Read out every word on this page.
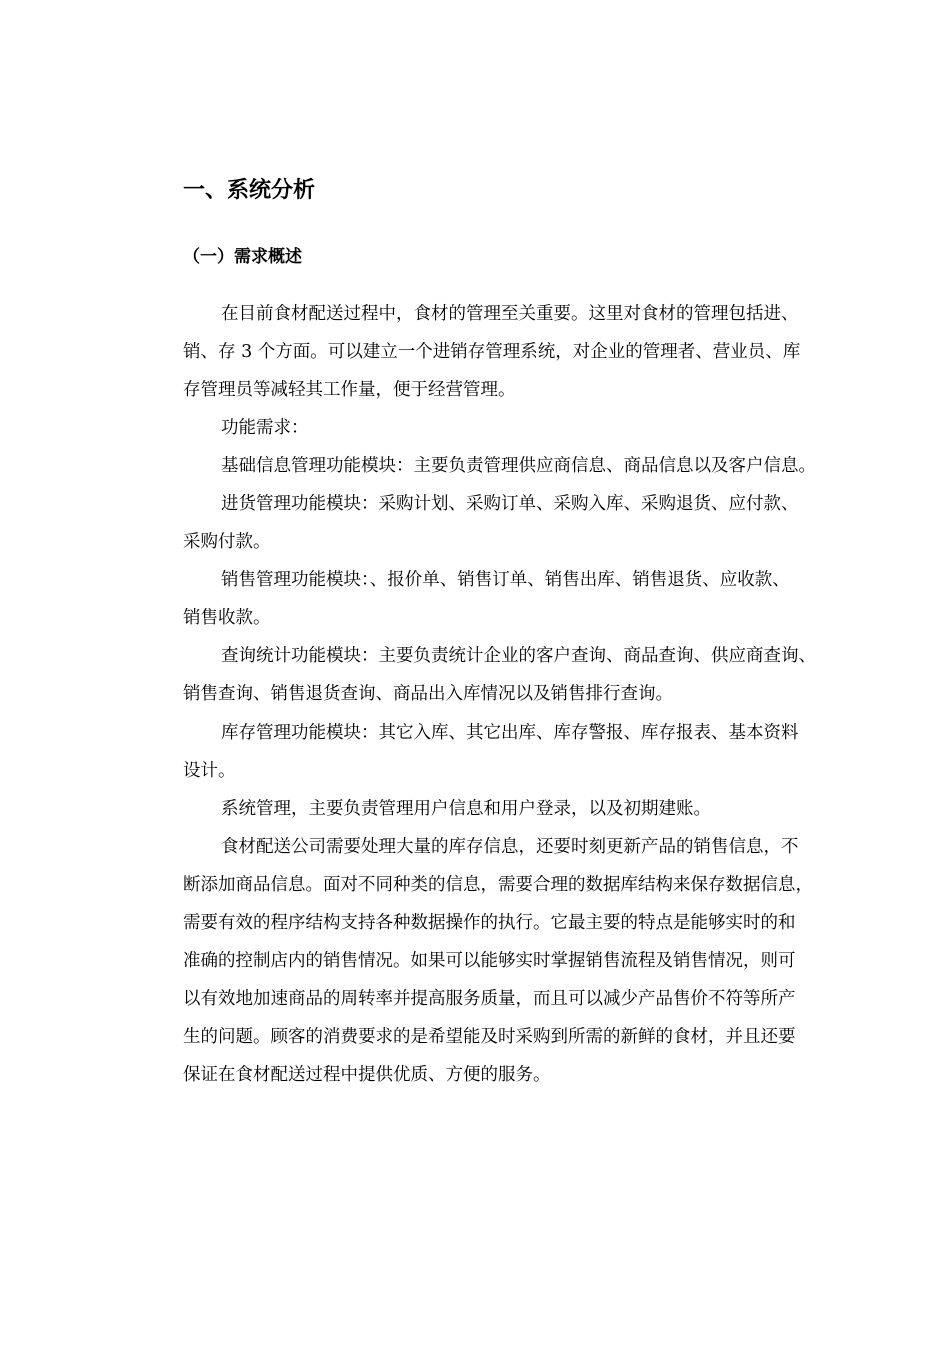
一、系统分析
（一）需求概述
在目前食材配送过程中，食材的管理至关重要。这里对食材的管理包括进、
销、存 3 个方面。可以建立一个进销存管理系统，对企业的管理者、营业员、库
存管理员等减轻其工作量，便于经营管理。
功能需求：
基础信息管理功能模块：主要负责管理供应商信息、商品信息以及客户信息。
进货管理功能模块：采购计划、采购订单、采购入库、采购退货、应付款、
采购付款。
销售管理功能模块：、报价单、销售订单、销售出库、销售退货、应收款、
销售收款。
查询统计功能模块：主要负责统计企业的客户查询、商品查询、供应商查询、
销售查询、销售退货查询、商品出入库情况以及销售排行查询。
库存管理功能模块：其它入库、其它出库、库存警报、库存报表、基本资料
设计。
系统管理，主要负责管理用户信息和用户登录，以及初期建账。
食材配送公司需要处理大量的库存信息，还要时刻更新产品的销售信息，不
断添加商品信息。面对不同种类的信息，需要合理的数据库结构来保存数据信息，
需要有效的程序结构支持各种数据操作的执行。它最主要的特点是能够实时的和
准确的控制店内的销售情况。如果可以能够实时掌握销售流程及销售情况，则可
以有效地加速商品的周转率并提高服务质量，而且可以减少产品售价不符等所产
生的问题。顾客的消费要求的是希望能及时采购到所需的新鲜的食材，并且还要
保证在食材配送过程中提供优质、方便的服务。
